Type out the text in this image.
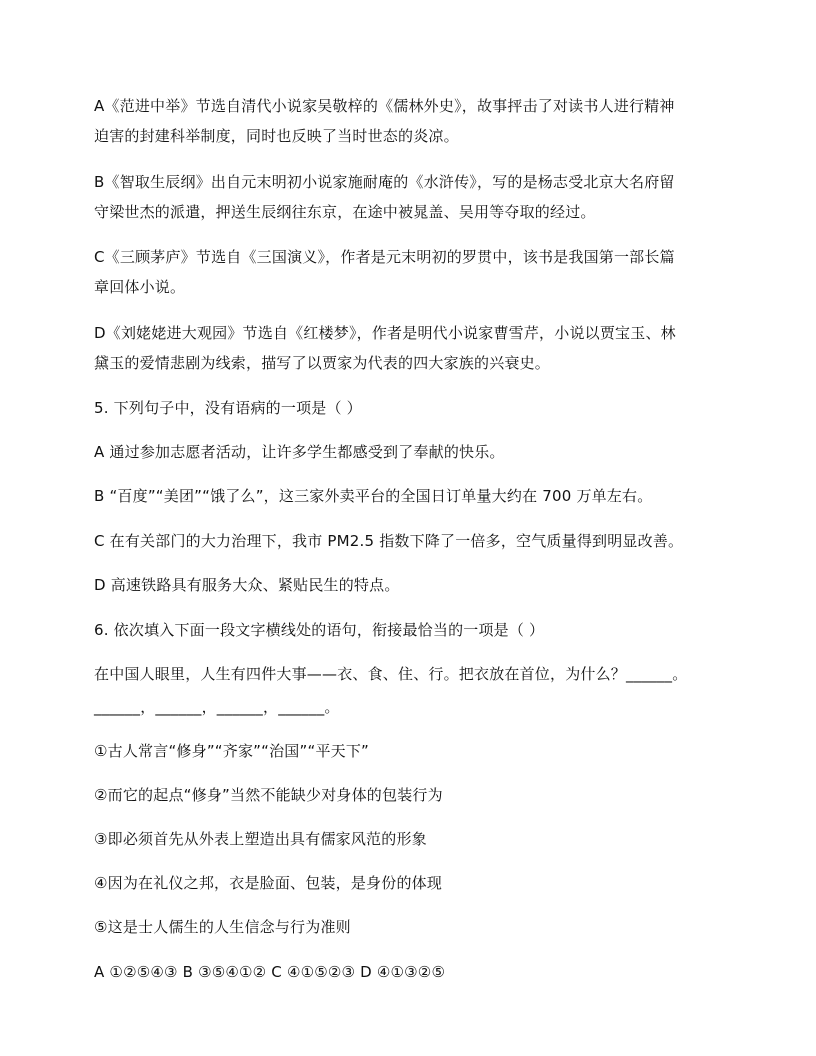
A《范进中举》节选自清代小说家吴敬梓的《儒林外史》，故事抨击了对读书人进行精神
迫害的封建科举制度，同时也反映了当时世态的炎凉。
B《智取生辰纲》出自元末明初小说家施耐庵的《水浒传》，写的是杨志受北京大名府留
守梁世杰的派遣，押送生辰纲往东京，在途中被晁盖、吴用等夺取的经过。
C《三顾茅庐》节选自《三国演义》，作者是元末明初的罗贯中，该书是我国第一部长篇
章回体小说。
D《刘姥姥进大观园》节选自《红楼梦》，作者是明代小说家曹雪芹，小说以贾宝玉、林
黛玉的爱情悲剧为线索，描写了以贾家为代表的四大家族的兴衰史。
5. 下列句子中，没有语病的一项是（ ）
A 通过参加志愿者活动，让许多学生都感受到了奉献的快乐。
B “百度”“美团”“饿了么”，这三家外卖平台的全国日订单量大约在 700 万单左右。
C 在有关部门的大力治理下，我市 PM2.5 指数下降了一倍多，空气质量得到明显改善。
D 高速铁路具有服务大众、紧贴民生的特点。
6. 依次填入下面一段文字横线处的语句，衔接最恰当的一项是（ ）
在中国人眼里，人生有四件大事——衣、食、住、行。把衣放在首位，为什么？______。
______，______，______，______。
①古人常言“修身”“齐家”“治国”“平天下”
②而它的起点“修身”当然不能缺少对身体的包装行为
③即必须首先从外表上塑造出具有儒家风范的形象
④因为在礼仪之邦，衣是脸面、包装，是身份的体现
⑤这是士人儒生的人生信念与行为准则
A ①②⑤④③ B ③⑤④①② C ④①⑤②③ D ④①③②⑤
